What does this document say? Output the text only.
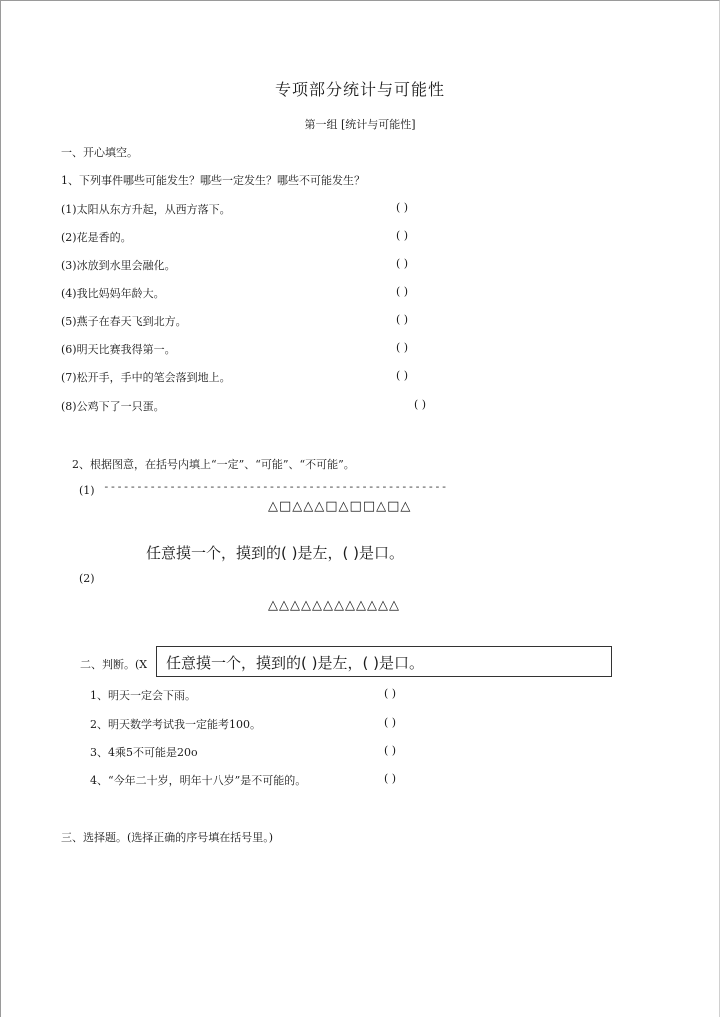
专项部分统计与可能性
第一组 [统计与可能性]
一、开心填空。
1、下列事件哪些可能发生？哪些一定发生？哪些不可能发生？
(1)太阳从东方升起，从西方落下。	( )
(2)花是香的。	( )
(3)冰放到水里会融化。	( )
(4)我比妈妈年龄大。	( )
(5)燕子在春天飞到北方。	( )
(6)明天比赛我得第一。	( )
(7)松开手，手中的笔会落到地上。	( )
(8)公鸡下了一只蛋。	( )
2、根据图意，在括号内填上“一定”、“可能”、“不可能”。
(1) ----------------------------------------------------
△□△△△□△□□△□△
任意摸一个，摸到的( )是左，( )是口。
(2)
△△△△△△△△△△△△
二、判断。(X 任意摸一个，摸到的( )是左，( )是口。
1、明天一定会下雨。	( )
2、明天数学考试我一定能考100。	( )
3、4乘5不可能是20o	( )
4、“今年二十岁，明年十八岁”是不可能的。	( )
三、选择题。(选择正确的序号填在括号里。)
